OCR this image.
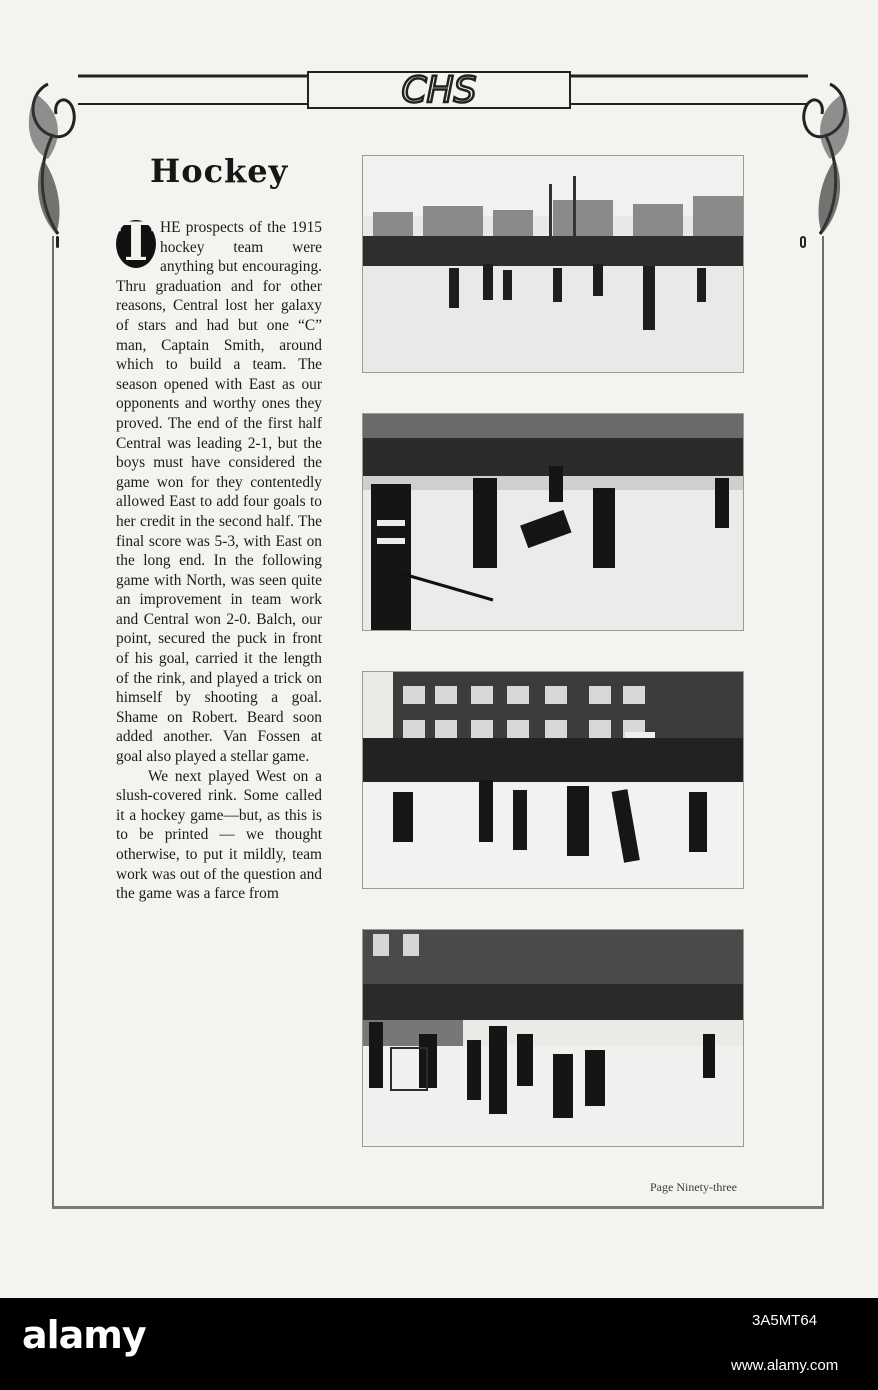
CHS
Hockey

T HE prospects of the 1915 hockey team were anything but encouraging. Thru graduation and for other reasons, Central lost her galaxy of stars and had but one “C” man, Captain Smith, around which to build a team. The season opened with East as our opponents and worthy ones they proved. The end of the first half Central was leading 2-1, but the boys must have considered the game won for they contentedly allowed East to add four goals to her credit in the second half. The final score was 5-3, with East on the long end. In the following game with North, was seen quite an improvement in team work and Central won 2-0. Balch, our point, secured the puck in front of his goal, carried it the length of the rink, and played a trick on himself by shooting a goal. Shame on Robert. Beard soon added another. Van Fossen at goal also played a stellar game.

We next played West on a slush-covered rink. Some called it a hockey game—but, as this is to be printed — we thought otherwise, to put it mildly, team work was out of the question and the game was a farce from

Page Ninety-three
alamy	3A5MT64
www.alamy.com
